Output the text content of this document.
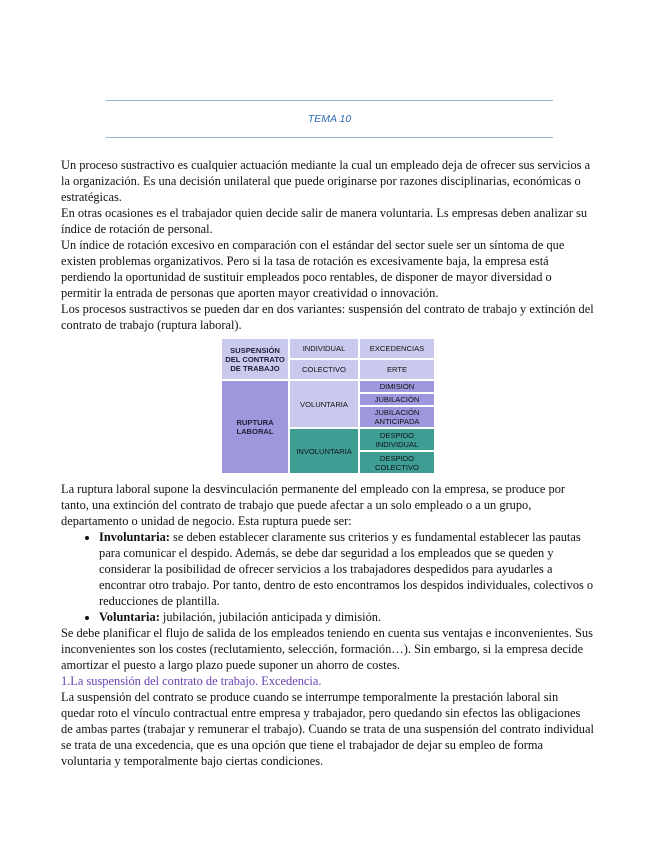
TEMA 10

Un proceso sustractivo es cualquier actuación mediante la cual un empleado deja de ofrecer sus servicios a la organización. Es una decisión unilateral que puede originarse por razones disciplinarias, económicas o estratégicas.

En otras ocasiones es el trabajador quien decide salir de manera voluntaria. Ls empresas deben analizar su índice de rotación de personal.

Un índice de rotación excesivo en comparación con el estándar del sector suele ser un síntoma de que existen problemas organizativos. Pero si la tasa de rotación es excesivamente baja, la empresa está perdiendo la oportunidad de sustituir empleados poco rentables, de disponer de mayor diversidad o permitir la entrada de personas que aporten mayor creatividad o innovación.

Los procesos sustractivos se pueden dar en dos variantes: suspensión del contrato de trabajo y extinción del contrato de trabajo (ruptura laboral).

SUSPENSIÓN DEL CONTRATO DE TRABAJO	INDIVIDUAL	EXCEDENCIAS
	COLECTIVO	ERTE
RUPTURA LABORAL	VOLUNTARIA	DIMISIÓN
		JUBILACIÓN
		JUBILACIÓN ANTICIPADA
	INVOLUNTARIA	DESPIDO INDIVIDUAL
		DESPIDO COLECTIVO

La ruptura laboral supone la desvinculación permanente del empleado con la empresa, se produce por tanto, una extinción del contrato de trabajo que puede afectar a un solo empleado o a un grupo, departamento o unidad de negocio. Esta ruptura puede ser:

• Involuntaria: se deben establecer claramente sus criterios y es fundamental establecer las pautas para comunicar el despido. Además, se debe dar seguridad a los empleados que se queden y considerar la posibilidad de ofrecer servicios a los trabajadores despedidos para ayudarles a encontrar otro trabajo. Por tanto, dentro de esto encontramos los despidos individuales, colectivos o reducciones de plantilla.
• Voluntaria: jubilación, jubilación anticipada y dimisión.

Se debe planificar el flujo de salida de los empleados teniendo en cuenta sus ventajas e inconvenientes. Sus inconvenientes son los costes (reclutamiento, selección, formación…). Sin embargo, si la empresa decide amortizar el puesto a largo plazo puede suponer un ahorro de costes.

1.La suspensión del contrato de trabajo. Excedencia.

La suspensión del contrato se produce cuando se interrumpe temporalmente la prestación laboral sin quedar roto el vínculo contractual entre empresa y trabajador, pero quedando sin efectos las obligaciones de ambas partes (trabajar y remunerar el trabajo). Cuando se trata de una suspensión del contrato individual se trata de una excedencia, que es una opción que tiene el trabajador de dejar su empleo de forma voluntaria y temporalmente bajo ciertas condiciones.
